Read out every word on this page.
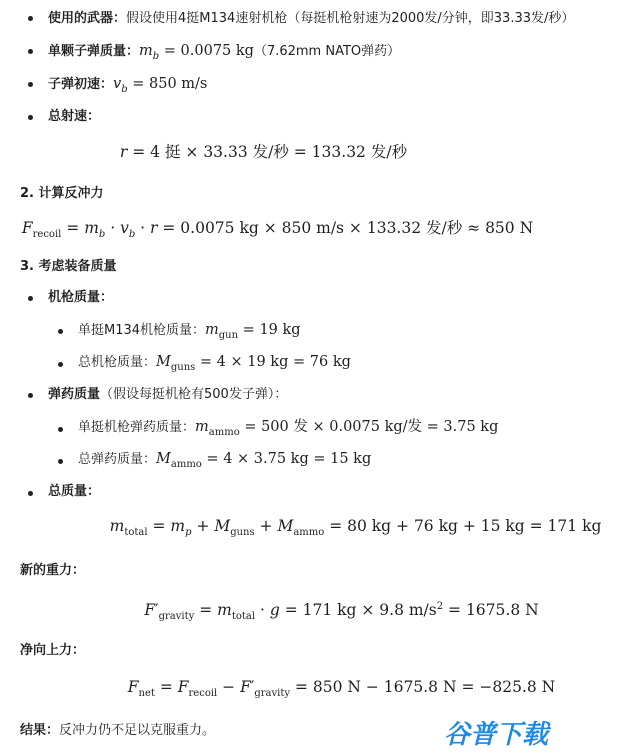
使用的武器：假设使用4挺M134速射机枪（每挺机枪射速为2000发/分钟，即33.33发/秒）
单颗子弹质量：$m_b = 0.0075$ kg（7.62mm NATO弹药）
子弹初速：$v_b = 850$ m/s
总射速：
r = 4 挺 × 33.33 发/秒 = 133.32 发/秒
2. 计算反冲力
$F_{recoil} = m_b \cdot v_b \cdot r = 0.0075$ kg × 850 m/s × 133.32 发/秒 ≈ 850 N
3. 考虑装备质量
机枪质量：
单挺M134机枪质量：$m_{gun} = 19$ kg
总机枪质量：$M_{guns} = 4 \times 19$ kg = 76 kg
弹药质量（假设每挺机枪有500发子弹）：
单挺机枪弹药质量：$m_{ammo} = 500$ 发 × 0.0075 kg/发 = 3.75 kg
总弹药质量：$M_{ammo} = 4 \times 3.75$ kg = 15 kg
总质量：
$m_{total} = m_p + M_{guns} + M_{ammo} = 80$ kg + 76 kg + 15 kg = 171 kg
新的重力：
$F'_{gravity} = m_{total} \cdot g = 171$ kg × 9.8 $m/s^2 = 1675.8$ N
净向上力：
$F_{net} = F_{recoil} - F'_{gravity} = 850$ N − 1675.8 N = −825.8 N
结果：反冲力仍不足以克服重力。	谷普下载
